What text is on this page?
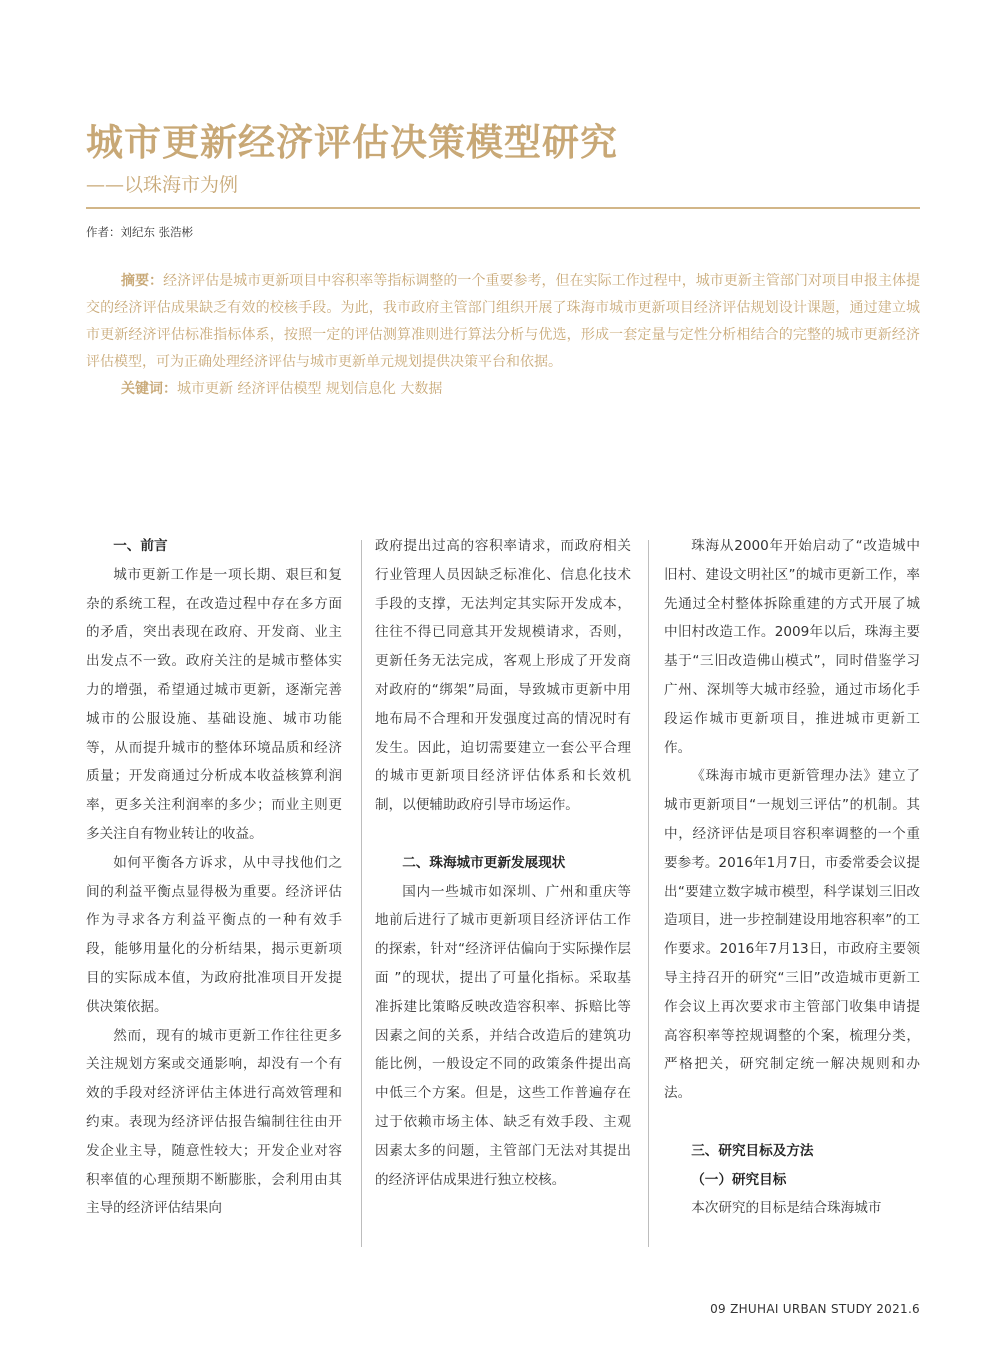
城市更新经济评估决策模型研究
——以珠海市为例
作者：刘纪东 张浩彬

摘要：经济评估是城市更新项目中容积率等指标调整的一个重要参考，但在实际工作过程中，城市更新主管部门对项目申报主体提交的经济评估成果缺乏有效的校核手段。为此，我市政府主管部门组织开展了珠海市城市更新项目经济评估规划设计课题，通过建立城市更新经济评估标准指标体系，按照一定的评估测算准则进行算法分析与优选，形成一套定量与定性分析相结合的完整的城市更新经济评估模型，可为正确处理经济评估与城市更新单元规划提供决策平台和依据。

关键词：城市更新 经济评估模型 规划信息化 大数据

一、前言

城市更新工作是一项长期、艰巨和复杂的系统工程，在改造过程中存在多方面的矛盾，突出表现在政府、开发商、业主出发点不一致。政府关注的是城市整体实力的增强，希望通过城市更新，逐渐完善城市的公服设施、基础设施、城市功能等，从而提升城市的整体环境品质和经济质量；开发商通过分析成本收益核算利润率，更多关注利润率的多少；而业主则更多关注自有物业转让的收益。

如何平衡各方诉求，从中寻找他们之间的利益平衡点显得极为重要。经济评估作为寻求各方利益平衡点的一种有效手段，能够用量化的分析结果，揭示更新项目的实际成本值，为政府批准项目开发提供决策依据。

然而，现有的城市更新工作往往更多关注规划方案或交通影响，却没有一个有效的手段对经济评估主体进行高效管理和约束。表现为经济评估报告编制往往由开发企业主导，随意性较大；开发企业对容积率值的心理预期不断膨胀，会利用由其主导的经济评估结果向

政府提出过高的容积率请求，而政府相关行业管理人员因缺乏标准化、信息化技术手段的支撑，无法判定其实际开发成本，往往不得已同意其开发规模请求，否则，更新任务无法完成，客观上形成了开发商对政府的“绑架”局面，导致城市更新中用地布局不合理和开发强度过高的情况时有发生。因此，迫切需要建立一套公平合理的城市更新项目经济评估体系和长效机制，以便辅助政府引导市场运作。

二、珠海城市更新发展现状

国内一些城市如深圳、广州和重庆等地前后进行了城市更新项目经济评估工作的探索，针对“经济评估偏向于实际操作层面 ”的现状，提出了可量化指标。采取基准拆建比策略反映改造容积率、拆赔比等因素之间的关系，并结合改造后的建筑功能比例，一般设定不同的政策条件提出高中低三个方案。但是，这些工作普遍存在过于依赖市场主体、缺乏有效手段、主观因素太多的问题，主管部门无法对其提出的经济评估成果进行独立校核。

珠海从2000年开始启动了“改造城中旧村、建设文明社区”的城市更新工作，率先通过全村整体拆除重建的方式开展了城中旧村改造工作。2009年以后，珠海主要基于“三旧改造佛山模式”，同时借鉴学习广州、深圳等大城市经验，通过市场化手段运作城市更新项目，推进城市更新工作。

《珠海市城市更新管理办法》建立了城市更新项目“一规划三评估”的机制。其中，经济评估是项目容积率调整的一个重要参考。2016年1月7日，市委常委会议提出“要建立数字城市模型，科学谋划三旧改造项目，进一步控制建设用地容积率”的工作要求。2016年7月13日，市政府主要领导主持召开的研究“三旧”改造城市更新工作会议上再次要求市主管部门收集申请提高容积率等控规调整的个案，梳理分类，严格把关，研究制定统一解决规则和办法。

三、研究目标及方法
（一）研究目标

本次研究的目标是结合珠海城市

09 ZHUHAI URBAN STUDY 2021.6
